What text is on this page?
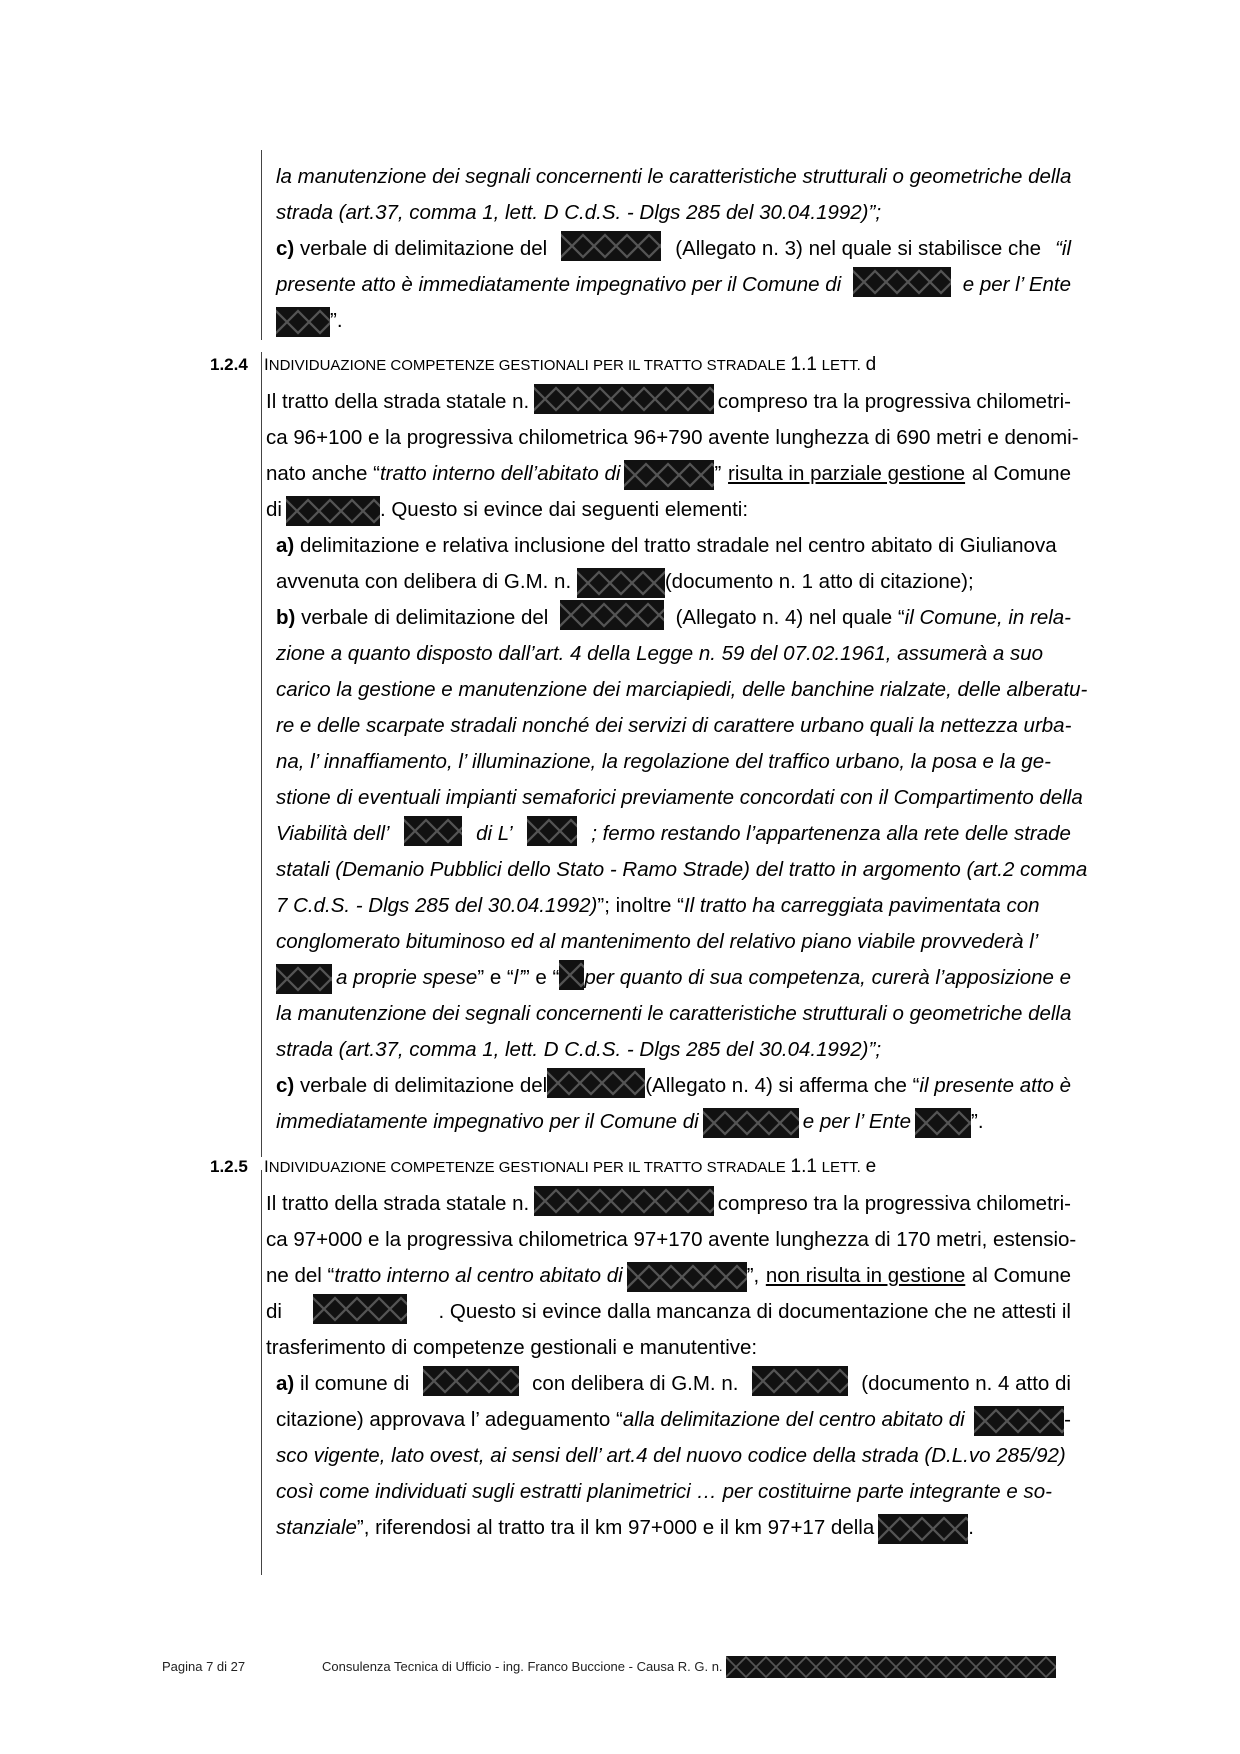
la manutenzione dei segnali concernenti le caratteristiche strutturali o geometriche della
strada (art.37, comma 1, lett. D C.d.S. - Dlgs 285 del 30.04.1992)”;
c) verbale di delimitazione del	(Allegato n. 3) nel quale si stabilisce che “il
presente atto è immediatamente impegnativo per il Comune di	e per l’ Ente
”.
1.2.4 INDIVIDUAZIONE COMPETENZE GESTIONALI PER IL TRATTO STRADALE 1.1 LETT. d
Il tratto della strada statale n.	compreso tra la progressiva chilometri-
ca 96+100 e la progressiva chilometrica 96+790 avente lunghezza di 690 metri e denomi-
nato anche “tratto interno dell’abitato di	” risulta in parziale gestione al Comune
di	. Questo si evince dai seguenti elementi:
a) delimitazione e relativa inclusione del tratto stradale nel centro abitato di Giulianova
avvenuta con delibera di G.M. n.	(documento n. 1 atto di citazione);
b) verbale di delimitazione del	(Allegato n. 4) nel quale “il Comune, in rela-
zione a quanto disposto dall’art. 4 della Legge n. 59 del 07.02.1961, assumerà a suo
carico la gestione e manutenzione dei marciapiedi, delle banchine rialzate, delle alberatu-
re e delle scarpate stradali nonché dei servizi di carattere urbano quali la nettezza urba-
na, l’ innaffiamento, l’ illuminazione, la regolazione del traffico urbano, la posa e la ge-
stione di eventuali impianti semaforici previamente concordati con il Compartimento della
Viabilità dell’	di L’	; fermo restando l’appartenenza alla rete delle strade
statali (Demanio Pubblici dello Stato - Ramo Strade) del tratto in argomento (art.2 comma
7 C.d.S. - Dlgs 285 del 30.04.1992)”; inoltre “Il tratto ha carreggiata pavimentata con
conglomerato bituminoso ed al mantenimento del relativo piano viabile provvederà l’
a proprie spese” e “l’” e “ per quanto di sua competenza, curerà l’apposizione e
la manutenzione dei segnali concernenti le caratteristiche strutturali o geometriche della
strada (art.37, comma 1, lett. D C.d.S. - Dlgs 285 del 30.04.1992)”;
c) verbale di delimitazione del	(Allegato n. 4) si afferma che “il presente atto è
immediatamente impegnativo per il Comune di	e per l’ Ente	”.
1.2.5 INDIVIDUAZIONE COMPETENZE GESTIONALI PER IL TRATTO STRADALE 1.1 LETT. e
Il tratto della strada statale n.	compreso tra la progressiva chilometri-
ca 97+000 e la progressiva chilometrica 97+170 avente lunghezza di 170 metri, estensio-
ne del “tratto interno al centro abitato di	”, non risulta in gestione al Comune
di	. Questo si evince dalla mancanza di documentazione che ne attesti il
trasferimento di competenze gestionali e manutentive:
a) il comune di	con delibera di G.M. n.	(documento n. 4 atto di
citazione) approvava l’ adeguamento “alla delimitazione del centro abitato di	-
sco vigente, lato ovest, ai sensi dell’ art.4 del nuovo codice della strada (D.L.vo 285/92)
così come individuati sugli estratti planimetrici … per costituirne parte integrante e so-
stanziale”, riferendosi al tratto tra il km 97+000 e il km 97+17 della	.
Pagina 7 di 27	Consulenza Tecnica di Ufficio - ing. Franco Buccione - Causa R. G. n.
